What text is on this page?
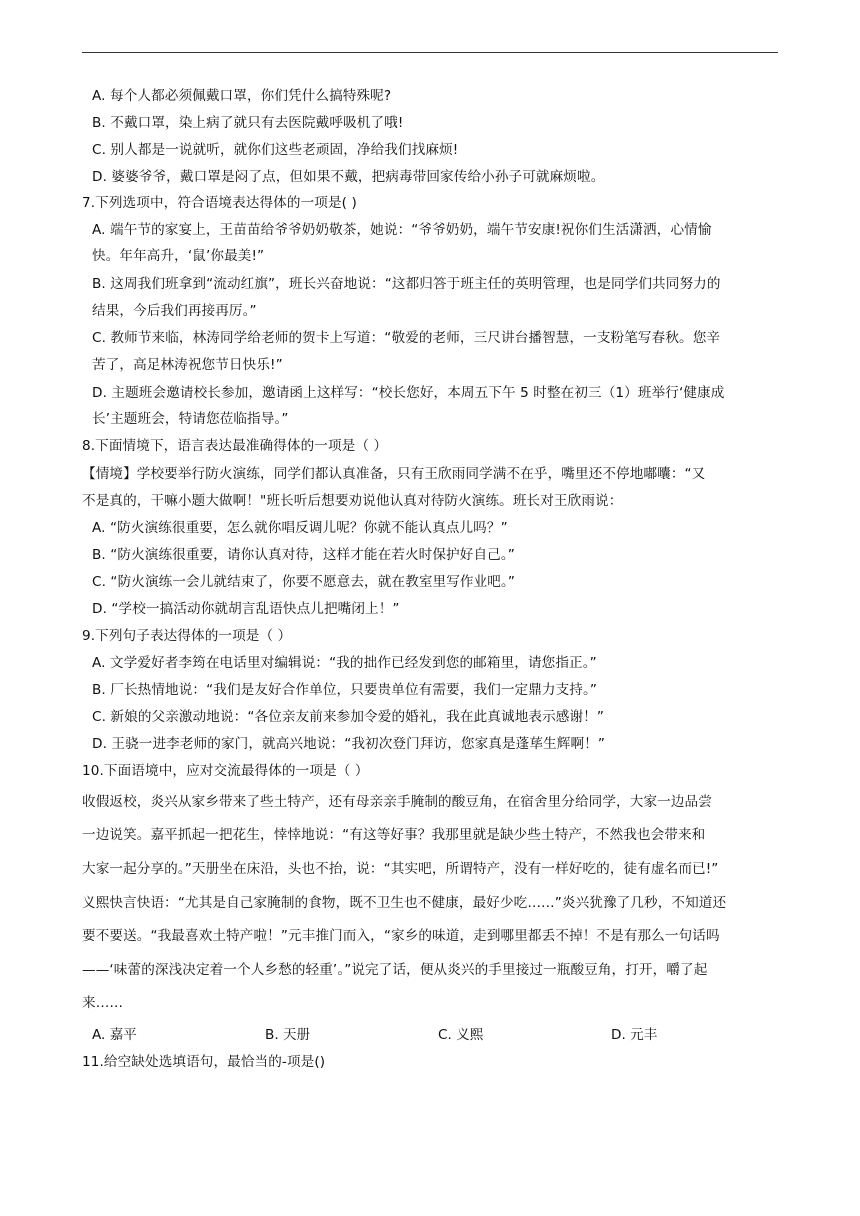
A. 每个人都必须佩戴口罩，你们凭什么搞特殊呢?
B. 不戴口罩，染上病了就只有去医院戴呼吸机了哦!
C. 别人都是一说就听，就你们这些老顽固，净给我们找麻烦!
D. 婆婆爷爷，戴口罩是闷了点，但如果不戴，把病毒带回家传给小孙子可就麻烦啦。
7.下列选项中，符合语境表达得体的一项是( )
A. 端午节的家宴上，王苗苗给爷爷奶奶敬茶，她说：“爷爷奶奶，端午节安康!祝你们生活潇洒，心情愉
快。年年高升，‘鼠’你最美!”
B. 这周我们班拿到“流动红旗”，班长兴奋地说：“这都归答于班主任的英明管理，也是同学们共同努力的
结果，今后我们再接再厉。”
C. 教师节来临，林涛同学给老师的贺卡上写道：“敬爱的老师，三尺讲台播智慧，一支粉笔写春秋。您辛
苦了，高足林涛祝您节日快乐!”
D. 主题班会邀请校长参加，邀请函上这样写：“校长您好，本周五下午 5 时整在初三（1）班举行‘健康成
长’主题班会，特请您莅临指导。”
8.下面情境下，语言表达最准确得体的一项是（ ）
【情境】学校要举行防火演练，同学们都认真准备，只有王欣雨同学满不在乎，嘴里还不停地嘟囔：“又
不是真的，干嘛小题大做啊！"班长听后想要劝说他认真对待防火演练。班长对王欣雨说：
A. “防火演练很重要，怎么就你唱反调儿呢？你就不能认真点儿吗？”
B. “防火演练很重要，请你认真对待，这样才能在若火时保护好自己。”
C. “防火演练一会儿就结束了，你要不愿意去，就在教室里写作业吧。”
D. “学校一搞活动你就胡言乱语快点儿把嘴闭上！”
9.下列句子表达得体的一项是（ ）
A. 文学爱好者李筠在电话里对编辑说：“我的拙作已经发到您的邮箱里，请您指正。”
B. 厂长热情地说：“我们是友好合作单位，只要贵单位有需要，我们一定鼎力支持。”
C. 新娘的父亲激动地说：“各位亲友前来参加令爱的婚礼，我在此真诚地表示感谢！”
D. 王骁一进李老师的家门，就高兴地说：“我初次登门拜访，您家真是蓬荜生辉啊！”
10.下面语境中，应对交流最得体的一项是（ ）
收假返校，炎兴从家乡带来了些土特产，还有母亲亲手腌制的酸豆角，在宿舍里分给同学，大家一边品尝
一边说笑。嘉平抓起一把花生，悻悻地说：“有这等好事？我那里就是缺少些土特产，不然我也会带来和
大家一起分享的。”天册坐在床沿，头也不抬，说：“其实吧，所谓特产，没有一样好吃的，徒有虚名而已!”
义熙快言快语：“尤其是自己家腌制的食物，既不卫生也不健康，最好少吃……”炎兴犹豫了几秒，不知道还
要不要送。“我最喜欢土特产啦！”元丰推门而入，“家乡的味道，走到哪里都丢不掉！不是有那么一句话吗
——‘味蕾的深浅决定着一个人乡愁的轻重’。”说完了话，便从炎兴的手里接过一瓶酸豆角，打开，嚼了起
来……
A. 嘉平	B. 天册	C. 义熙	D. 元丰
11.给空缺处选填语句，最恰当的-项是()
